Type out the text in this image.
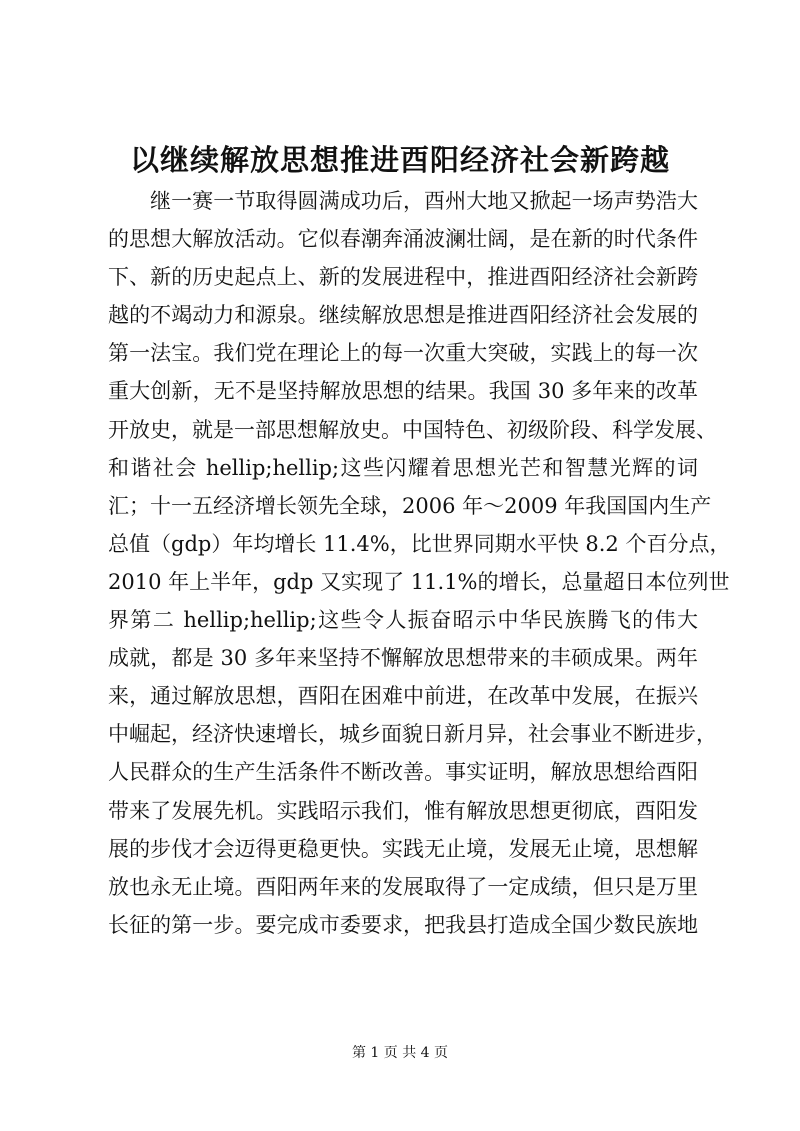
以继续解放思想推进酉阳经济社会新跨越
继一赛一节取得圆满成功后，酉州大地又掀起一场声势浩大
的思想大解放活动。它似春潮奔涌波澜壮阔，是在新的时代条件
下、新的历史起点上、新的发展进程中，推进酉阳经济社会新跨
越的不竭动力和源泉。继续解放思想是推进酉阳经济社会发展的
第一法宝。我们党在理论上的每一次重大突破，实践上的每一次
重大创新，无不是坚持解放思想的结果。我国 30 多年来的改革
开放史，就是一部思想解放史。中国特色、初级阶段、科学发展、
和谐社会 hellip;hellip;这些闪耀着思想光芒和智慧光辉的词
汇；十一五经济增长领先全球，2006 年～2009 年我国国内生产
总值（gdp）年均增长 11.4%，比世界同期水平快 8.2 个百分点，
2010 年上半年，gdp 又实现了 11.1%的增长，总量超日本位列世
界第二 hellip;hellip;这些令人振奋昭示中华民族腾飞的伟大
成就，都是 30 多年来坚持不懈解放思想带来的丰硕成果。两年
来，通过解放思想，酉阳在困难中前进，在改革中发展，在振兴
中崛起，经济快速增长，城乡面貌日新月异，社会事业不断进步，
人民群众的生产生活条件不断改善。事实证明，解放思想给酉阳
带来了发展先机。实践昭示我们，惟有解放思想更彻底，酉阳发
展的步伐才会迈得更稳更快。实践无止境，发展无止境，思想解
放也永无止境。酉阳两年来的发展取得了一定成绩，但只是万里
长征的第一步。要完成市委要求，把我县打造成全国少数民族地
第 1 页 共 4 页
